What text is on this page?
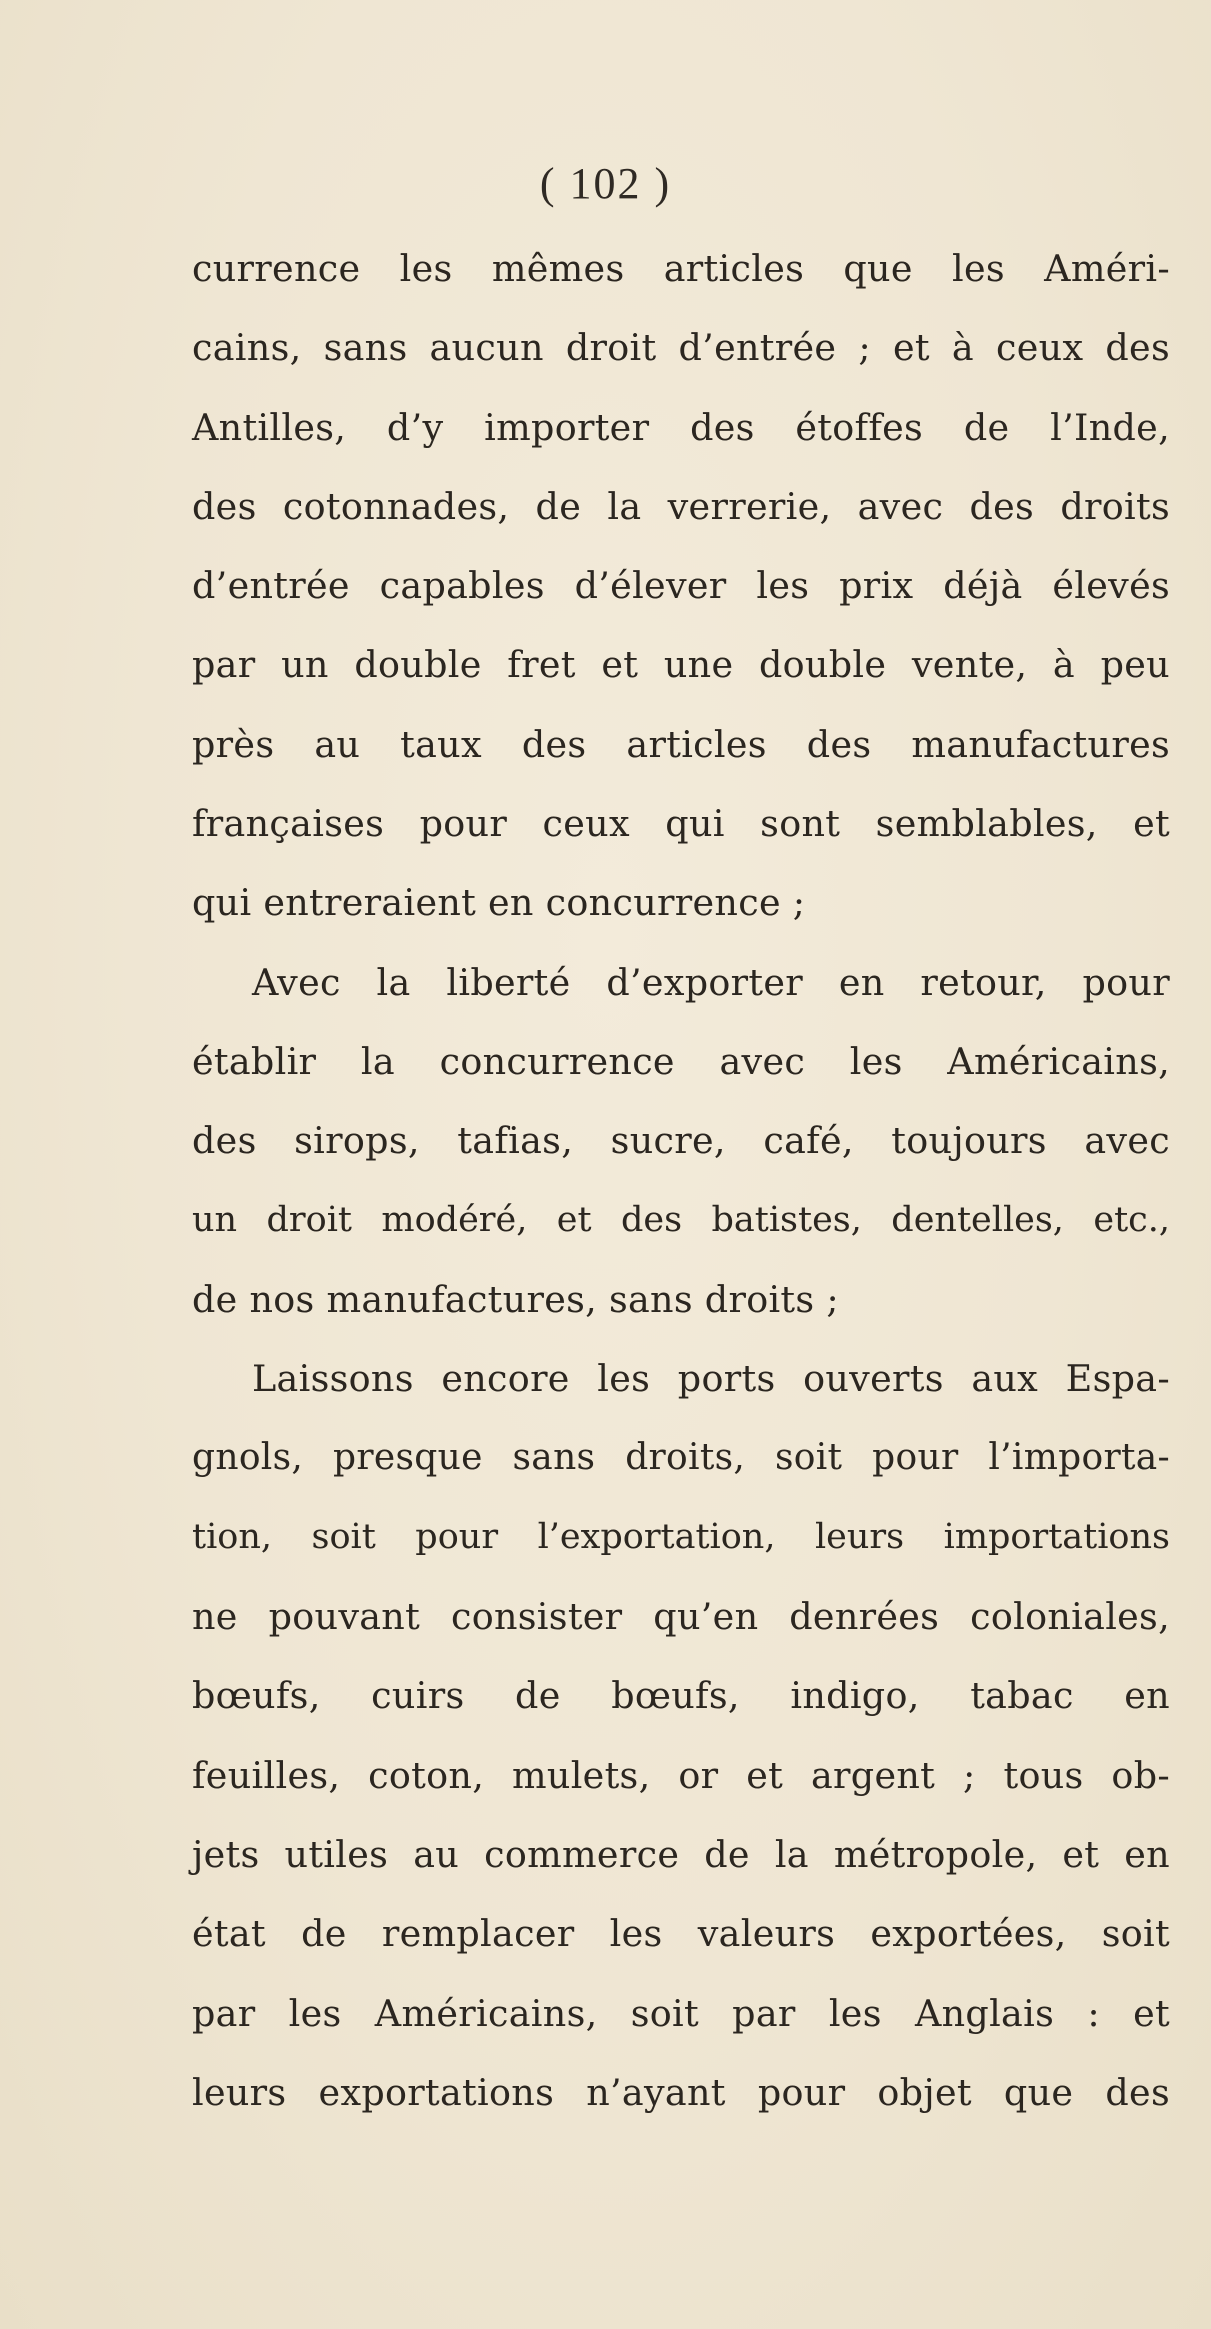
( 102 )
currence les mêmes articles que les Améri-
cains, sans aucun droit d’entrée ; et à ceux des
Antilles, d’y importer des étoffes de l’Inde,
des cotonnades, de la verrerie, avec des droits
d’entrée capables d’élever les prix déjà élevés
par un double fret et une double vente, à peu
près au taux des articles des manufactures
françaises pour ceux qui sont semblables, et
qui entreraient en concurrence ;
Avec la liberté d’exporter en retour, pour
établir la concurrence avec les Américains,
des sirops, tafias, sucre, café, toujours avec
un droit modéré, et des batistes, dentelles, etc.,
de nos manufactures, sans droits ;
Laissons encore les ports ouverts aux Espa-
gnols, presque sans droits, soit pour l’importa-
tion, soit pour l’exportation, leurs importations
ne pouvant consister qu’en denrées coloniales,
bœufs, cuirs de bœufs, indigo, tabac en
feuilles, coton, mulets, or et argent ; tous ob-
jets utiles au commerce de la métropole, et en
état de remplacer les valeurs exportées, soit
par les Américains, soit par les Anglais : et
leurs exportations n’ayant pour objet que des
